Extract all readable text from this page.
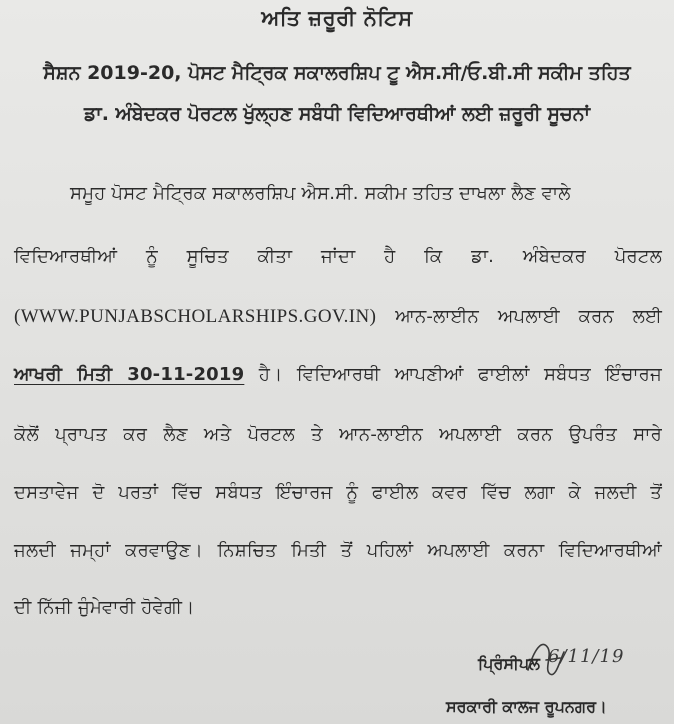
ਅਤਿ ਜ਼ਰੂਰੀ ਨੋਟਿਸ
ਸੈਸ਼ਨ 2019-20, ਪੋਸਟ ਮੈਟ੍ਰਿਕ ਸਕਾਲਰਸ਼ਿਪ ਟੂ ਐਸ.ਸੀ/ਓ.ਬੀ.ਸੀ ਸਕੀਮ ਤਹਿਤ
ਡਾ. ਅੰਬੇਦਕਰ ਪੋਰਟਲ ਖੁੱਲ੍ਹਣ ਸਬੰਧੀ ਵਿਦਿਆਰਥੀਆਂ ਲਈ ਜ਼ਰੂਰੀ ਸੂਚਨਾਂ
ਸਮੂਹ ਪੋਸਟ ਮੈਟ੍ਰਿਕ ਸਕਾਲਰਸ਼ਿਪ ਐਸ.ਸੀ. ਸਕੀਮ ਤਹਿਤ ਦਾਖਲਾ ਲੈਣ ਵਾਲੇ
ਵਿਦਿਆਰਥੀਆਂ ਨੂੰ ਸੂਚਿਤ ਕੀਤਾ ਜਾਂਦਾ ਹੈ ਕਿ ਡਾ. ਅੰਬੇਦਕਰ ਪੋਰਟਲ
(WWW.PUNJABSCHOLARSHIPS.GOV.IN) ਆਨ-ਲਾਈਨ ਅਪਲਾਈ ਕਰਨ ਲਈ
ਆਖਰੀ ਮਿਤੀ 30-11-2019 ਹੈ। ਵਿਦਿਆਰਥੀ ਆਪਣੀਆਂ ਫਾਈਲਾਂ ਸਬੰਧਤ ਇੰਚਾਰਜ
ਕੋਲੋਂ ਪ੍ਰਾਪਤ ਕਰ ਲੈਣ ਅਤੇ ਪੋਰਟਲ ਤੇ ਆਨ-ਲਾਈਨ ਅਪਲਾਈ ਕਰਨ ਉਪਰੰਤ ਸਾਰੇ
ਦਸਤਾਵੇਜ ਦੋ ਪਰਤਾਂ ਵਿੱਚ ਸਬੰਧਤ ਇੰਚਾਰਜ ਨੂੰ ਫਾਈਲ ਕਵਰ ਵਿੱਚ ਲਗਾ ਕੇ ਜਲਦੀ ਤੋਂ
ਜਲਦੀ ਜਮ੍ਹਾਂ ਕਰਵਾਉਣ। ਨਿਸ਼ਚਿਤ ਮਿਤੀ ਤੋਂ ਪਹਿਲਾਂ ਅਪਲਾਈ ਕਰਨਾ ਵਿਦਿਆਰਥੀਆਂ
ਦੀ ਨਿੱਜੀ ਜੁੰਮੇਵਾਰੀ ਹੋਵੇਗੀ।
6/11/19
ਪ੍ਰਿੰਸੀਪਲ
ਸਰਕਾਰੀ ਕਾਲਜ ਰੂਪਨਗਰ।
